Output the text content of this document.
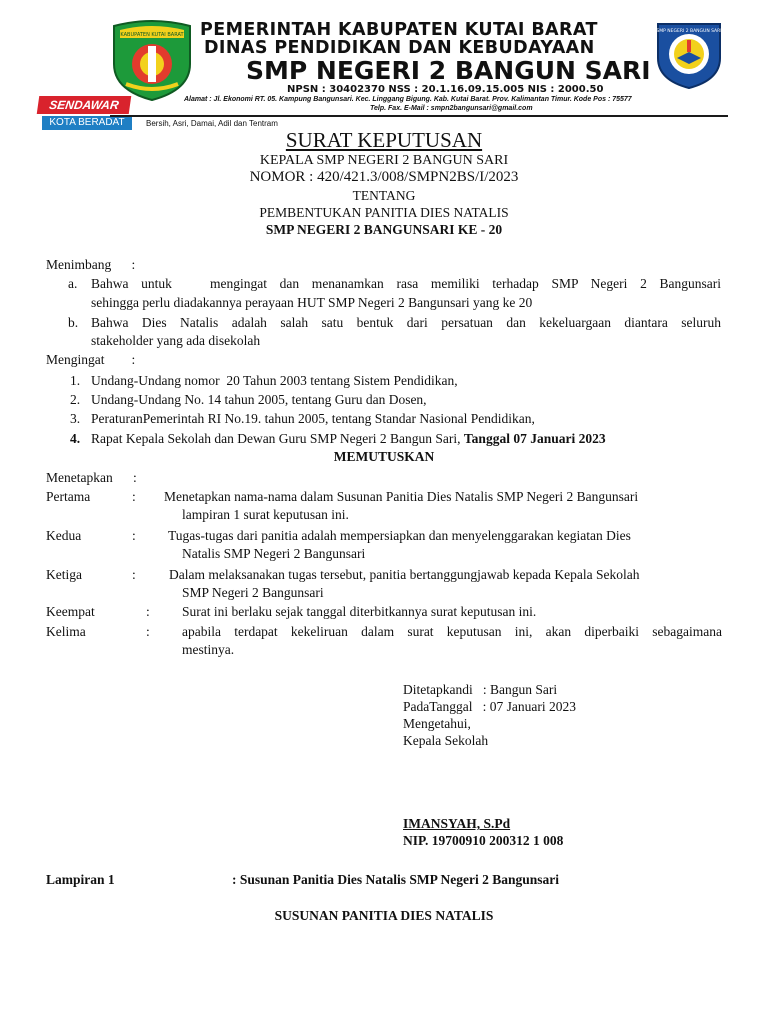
KABUPATEN KUTAI BARAT PEMERINTAH KABUPATEN KUTAI BARAT
DINAS PENDIDIKAN DAN KEBUDAYAAN
SMP NEGERI 2 BANGUN SARI
NPSN : 30402370 NSS : 20.1.16.09.15.005 NIS : 2000.50
Alamat : Jl. Ekonomi RT. 05. Kampung Bangunsari. Kec. Linggang Bigung. Kab. Kutai Barat. Prov. Kalimantan Timur. Kode Pos : 75577
Telp. Fax. E-Mail : smpn2bangunsari@gmail.com
SMP NEGERI 2 BANGUN SARI
SENDAWAR
KOTA BERADAT	Bersih, Asri, Damai, Adil dan Tentram
SURAT KEPUTUSAN
KEPALA SMP NEGERI 2 BANGUN SARI
NOMOR : 420/421.3/008/SMPN2BS/I/2023
TENTANG
PEMBENTUKAN PANITIA DIES NATALIS
SMP NEGERI 2 BANGUNSARI KE - 20
Menimbang      :
a. Bahwa untuk   mengingat dan menanamkan rasa memiliki terhadap SMP Negeri 2 Bangunsari
sehingga perlu diadakannya perayaan HUT SMP Negeri 2 Bangunsari yang ke 20
b. Bahwa Dies Natalis adalah salah satu bentuk dari persatuan dan kekeluargaan diantara seluruh
stakeholder yang ada disekolah
Mengingat        :
1. Undang-Undang nomor  20 Tahun 2003 tentang Sistem Pendidikan,
2. Undang-Undang No. 14 tahun 2005, tentang Guru dan Dosen,
3. PeraturanPemerintah RI No.19. tahun 2005, tentang Standar Nasional Pendidikan,
4. Rapat Kepala Sekolah dan Dewan Guru SMP Negeri 2 Bangun Sari, Tanggal 07 Januari 2023
MEMUTUSKAN
Menetapkan      :
Pertama	: Menetapkan nama-nama dalam Susunan Panitia Dies Natalis SMP Negeri 2 Bangunsari
lampiran 1 surat keputusan ini.
Kedua	: Tugas-tugas dari panitia adalah mempersiapkan dan menyelenggarakan kegiatan Dies
Natalis SMP Negeri 2 Bangunsari
Ketiga	: Dalam melaksanakan tugas tersebut, panitia bertanggungjawab kepada Kepala Sekolah
SMP Negeri 2 Bangunsari
Keempat	: Surat ini berlaku sejak tanggal diterbitkannya surat keputusan ini.
Kelima	: apabila terdapat kekeliruan dalam surat keputusan ini, akan diperbaiki sebagaimana
mestinya.
Ditetapkandi   : Bangun Sari
PadaTanggal   : 07 Januari 2023
Mengetahui,
Kepala Sekolah
IMANSYAH, S.Pd
NIP. 19700910 200312 1 008
Lampiran 1	: Susunan Panitia Dies Natalis SMP Negeri 2 Bangunsari
SUSUNAN PANITIA DIES NATALIS
